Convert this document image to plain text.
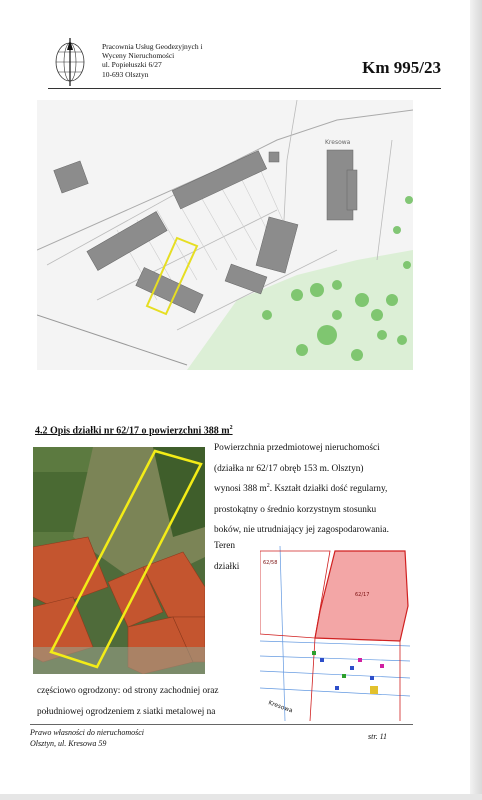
Pracownia Usług Geodezyjnych i
Wyceny Nieruchomości
ul. Popiełuszki 6/27
10-693 Olsztyn	Km 995/23
Kresowa
4.2 Opis działki nr 62/17 o powierzchni 388 $m^2$
Powierzchnia przedmiotowej nieruchomości
(działka nr 62/17 obręb 153 m. Olsztyn)
wynosi 388 $m^2$. Kształt działki dość regularny,
prostokątny o średnio korzystnym stosunku
boków, nie utrudniający jej zagospodarowania.
Teren
działki
62/17
62/58
Kresowa
częściowo ogrodzony: od strony zachodniej oraz
południowej ogrodzeniem z siatki metalowej na
Prawo własności do nieruchomości
Olsztyn, ul. Kresowa 59
str. 11
